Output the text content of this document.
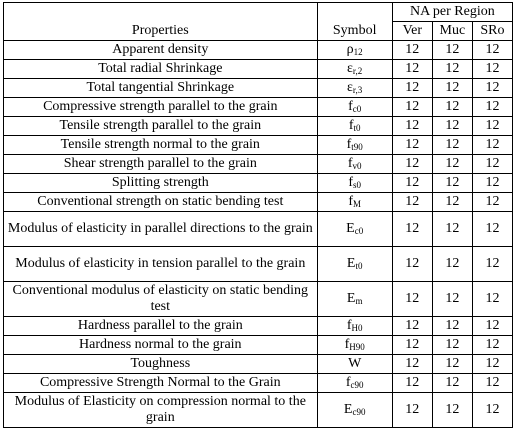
		NA per Region		
Properties	Symbol	Ver	Muc	SRo
Apparent density	$\rho_{12}$	12	12	12
Total radial Shrinkage	$\varepsilon_{r,2}$	12	12	12
Total tangential Shrinkage	$\varepsilon_{r,3}$	12	12	12
Compressive strength parallel to the grain	$f_{c0}$	12	12	12
Tensile strength parallel to the grain	$f_{t0}$	12	12	12
Tensile strength normal to the grain	$f_{t90}$	12	12	12
Shear strength parallel to the grain	$f_{v0}$	12	12	12
Splitting strength	$f_{s0}$	12	12	12
Conventional strength on static bending test	$f_M$	12	12	12
Modulus of elasticity in parallel directions to the grain	$E_{c0}$	12	12	12
Modulus of elasticity in tension parallel to the grain	$E_{t0}$	12	12	12
Conventional modulus of elasticity on static bending test	$E_m$	12	12	12
Hardness parallel to the grain	$f_{H0}$	12	12	12
Hardness normal to the grain	$f_{H90}$	12	12	12
Toughness	W	12	12	12
Compressive Strength Normal to the Grain	$f_{c90}$	12	12	12
Modulus of Elasticity on compression normal to the grain	$E_{c90}$	12	12	12
